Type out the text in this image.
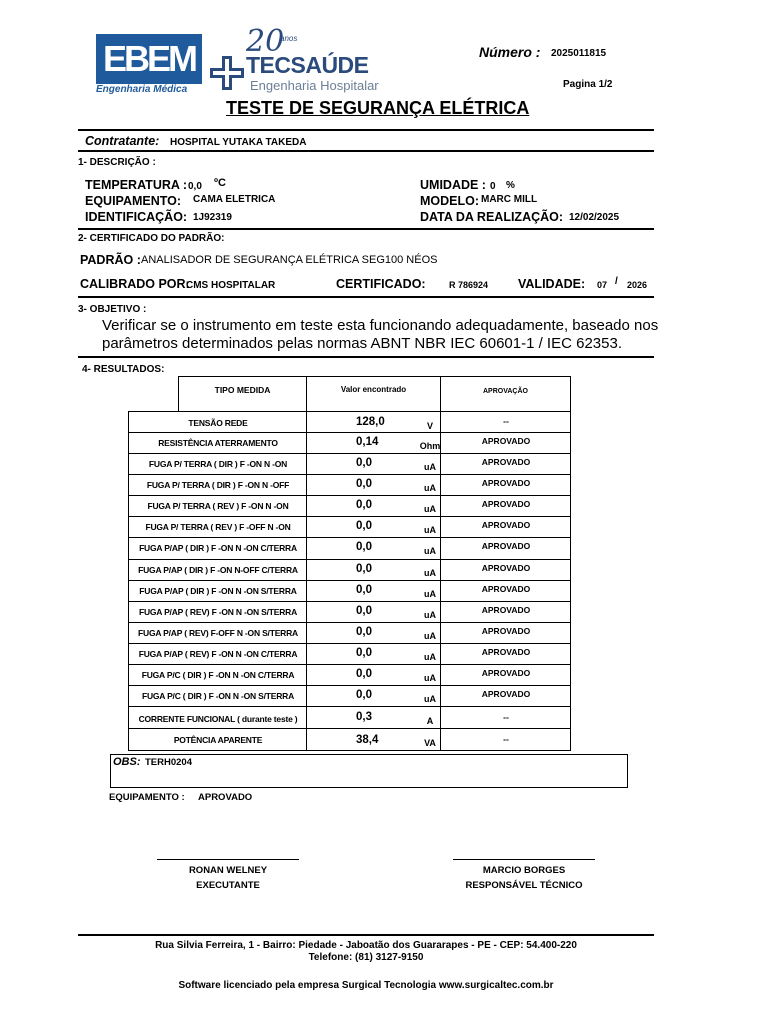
EBEM
Engenharia Médica
20
anos
TECSAÚDE
Engenharia Hospitalar
Número : 2025011815
Pagina 1/2
TESTE DE SEGURANÇA ELÉTRICA
Contratante: HOSPITAL YUTAKA TAKEDA
1- DESCRIÇÃO :
TEMPERATURA : 0,0 ºC	UMIDADE : 0 %
EQUIPAMENTO: CAMA ELETRICA	MODELO: MARC MILL
IDENTIFICAÇÃO: 1J92319	DATA DA REALIZAÇÃO: 12/02/2025
2- CERTIFICADO DO PADRÃO:
PADRÃO : ANALISADOR DE SEGURANÇA ELÉTRICA SEG100 NÉOS
CALIBRADO POR:
CMS HOSPITALAR	CERTIFICADO:	R 786924 VALIDADE: 07 / 2026
3- OBJETIVO :
Verificar se o instrumento em teste esta funcionando adequadamente, baseado nos
parâmetros determinados pelas normas ABNT NBR IEC 60601-1 / IEC 62353.
4- RESULTADOS:
TIPO MEDIDA	Valor encontrado	APROVAÇÃO
TENSÃO REDE	128,0	V	--
RESISTÊNCIA ATERRAMENTO	0,14	Ohm	APROVADO
FUGA P/ TERRA ( DIR ) F -ON N -ON	0,0	uA	APROVADO
FUGA P/ TERRA ( DIR ) F -ON N -OFF	0,0	uA	APROVADO
FUGA P/ TERRA ( REV ) F -ON N -ON	0,0	uA	APROVADO
FUGA P/ TERRA ( REV ) F -OFF N -ON	0,0	uA	APROVADO
FUGA P/AP ( DIR ) F -ON N -ON C/TERRA	0,0	uA	APROVADO
FUGA P/AP ( DIR ) F -ON N-OFF C/TERRA	0,0	uA	APROVADO
FUGA P/AP ( DIR ) F -ON N -ON S/TERRA	0,0	uA	APROVADO
FUGA P/AP ( REV) F -ON N -ON S/TERRA	0,0	uA	APROVADO
FUGA P/AP ( REV) F-OFF N -ON S/TERRA	0,0	uA	APROVADO
FUGA P/AP ( REV) F -ON N -ON C/TERRA	0,0	uA	APROVADO
FUGA P/C ( DIR ) F -ON N -ON C/TERRA	0,0	uA	APROVADO
FUGA P/C ( DIR ) F -ON N -ON S/TERRA	0,0	uA	APROVADO
CORRENTE FUNCIONAL ( durante teste )	0,3	A	--
POTÊNCIA APARENTE	38,4	VA	--
OBS: TERH0204
EQUIPAMENTO : APROVADO
RONAN WELNEY
EXECUTANTE
MARCIO BORGES
RESPONSÁVEL TÉCNICO
Rua Silvia Ferreira, 1 - Bairro: Piedade - Jaboatão dos Guararapes - PE - CEP: 54.400-220
Telefone: (81) 3127-9150
Software licenciado pela empresa Surgical Tecnologia www.surgicaltec.com.br
